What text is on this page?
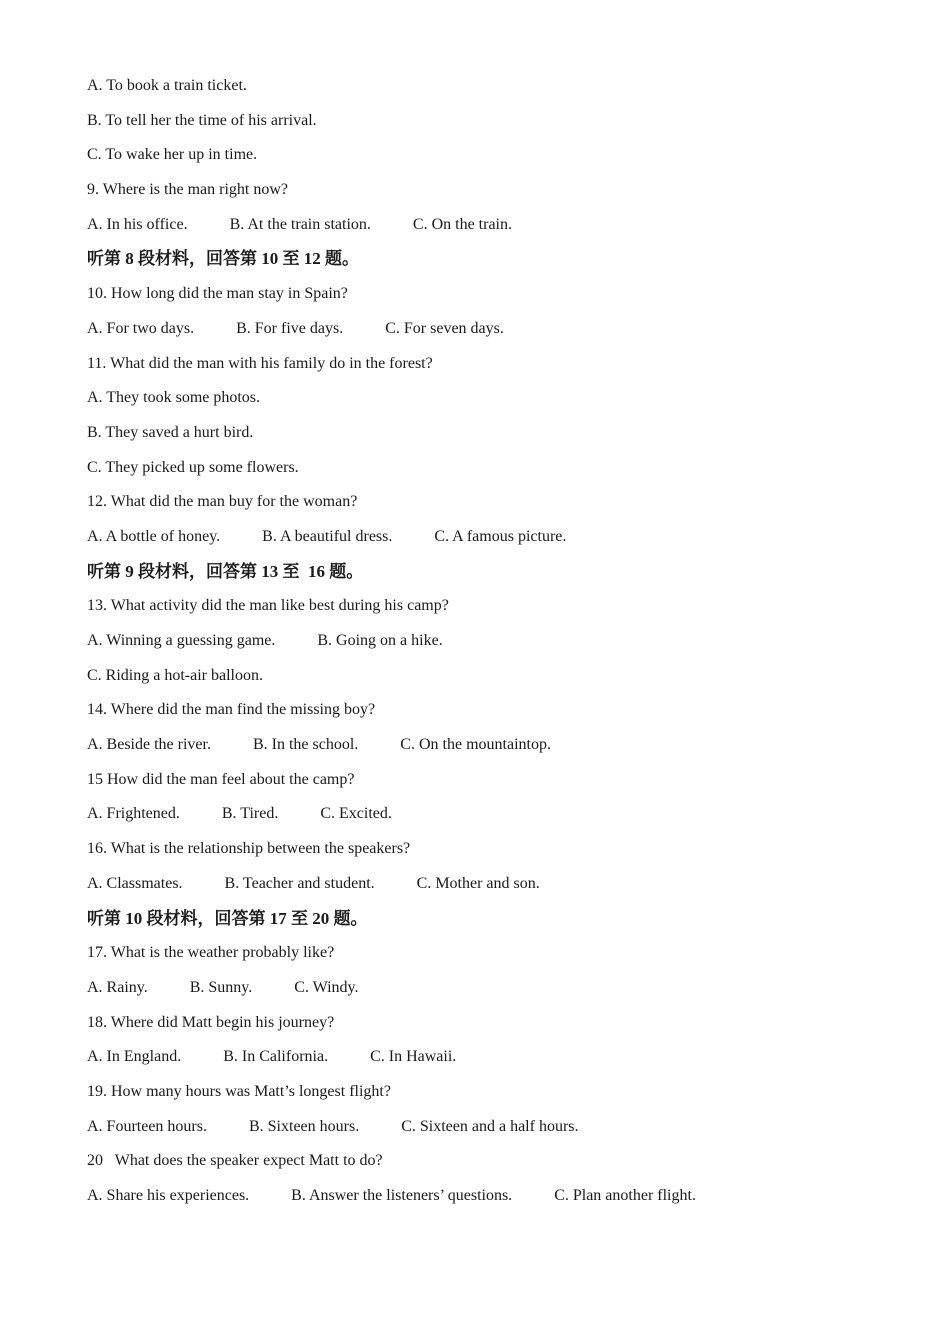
A. To book a train ticket.
B. To tell her the time of his arrival.
C. To wake her up in time.
9. Where is the man right now?
A. In his office.	B. At the train station.	C. On the train.
听第 8 段材料，回答第 10 至 12 题。
10. How long did the man stay in Spain?
A. For two days.	B. For five days.	C. For seven days.
11. What did the man with his family do in the forest?
A. They took some photos.
B. They saved a hurt bird.
C. They picked up some flowers.
12. What did the man buy for the woman?
A. A bottle of honey.	B. A beautiful dress.	C. A famous picture.
听第 9 段材料，回答第 13 至  16 题。
13. What activity did the man like best during his camp?
A. Winning a guessing game.	B. Going on a hike.
C. Riding a hot-air balloon.
14. Where did the man find the missing boy?
A. Beside the river.	B. In the school.	C. On the mountaintop.
15 How did the man feel about the camp?
A. Frightened.	B. Tired.	C. Excited.
16. What is the relationship between the speakers?
A. Classmates.	B. Teacher and student.	C. Mother and son.
听第 10 段材料，回答第 17 至 20 题。
17. What is the weather probably like?
A. Rainy.	B. Sunny.	C. Windy.
18. Where did Matt begin his journey?
A. In England.	B. In California.	C. In Hawaii.
19. How many hours was Matt’s longest flight?
A. Fourteen hours.	B. Sixteen hours.	C. Sixteen and a half hours.
20   What does the speaker expect Matt to do?
A. Share his experiences.	B. Answer the listeners’ questions.	C. Plan another flight.
